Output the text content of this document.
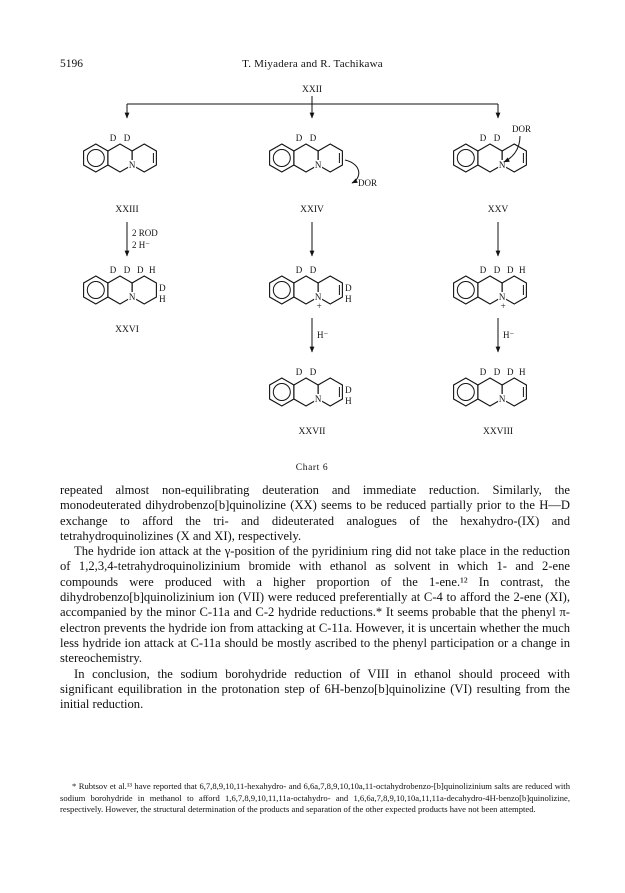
5196	T. Miyadera and R. Tachikawa
XXII
N
D D
N
D D
N
D D
DOR
DOR
XXIII	XXIV	XXV
2 ROD
2 H⁻
N
D D D H
D
H	N
+
D D
D
H	N
+
D D D H
XXVI	H⁻	H⁻
N
D D
D
H	N
D D D H
XXVII	XXVIII
Chart 6

repeated almost non-equilibrating deuteration and immediate reduction. Similarly, the monodeuterated dihydrobenzo[b]quinolizine (XX) seems to be reduced partially prior to the H—D exchange to afford the tri- and dideuterated analogues of the hexahydro-(IX) and tetrahydroquinolizines (X and XI), respectively.

The hydride ion attack at the γ-position of the pyridinium ring did not take place in the reduction of 1,2,3,4-tetrahydroquinolizinium bromide with ethanol as solvent in which 1- and 2-ene compounds were produced with a higher proportion of the 1-ene.¹² In contrast, the dihydrobenzo[b]quinolizinium ion (VII) were reduced preferentially at C-4 to afford the 2-ene (XI), accompanied by the minor C-11a and C-2 hydride reductions.* It seems probable that the phenyl π-electron prevents the hydride ion from attacking at C-11a. However, it is uncertain whether the much less hydride ion attack at C-11a should be mostly ascribed to the phenyl participation or a change in stereochemistry.

In conclusion, the sodium borohydride reduction of VIII in ethanol should proceed with significant equilibration in the protonation step of 6H-benzo[b]quinolizine (VI) resulting from the initial reduction.

* Rubtsov et al.¹³ have reported that 6,7,8,9,10,11-hexahydro- and 6,6a,7,8,9,10,10a,11-octahydrobenzo-[b]quinolizinium salts are reduced with sodium borohydride in methanol to afford 1,6,7,8,9,10,11,11a-octahydro- and 1,6,6a,7,8,9,10,10a,11,11a-decahydro-4H-benzo[b]quinolizine, respectively. However, the structural determination of the products and separation of the other expected products have not been attempted.
